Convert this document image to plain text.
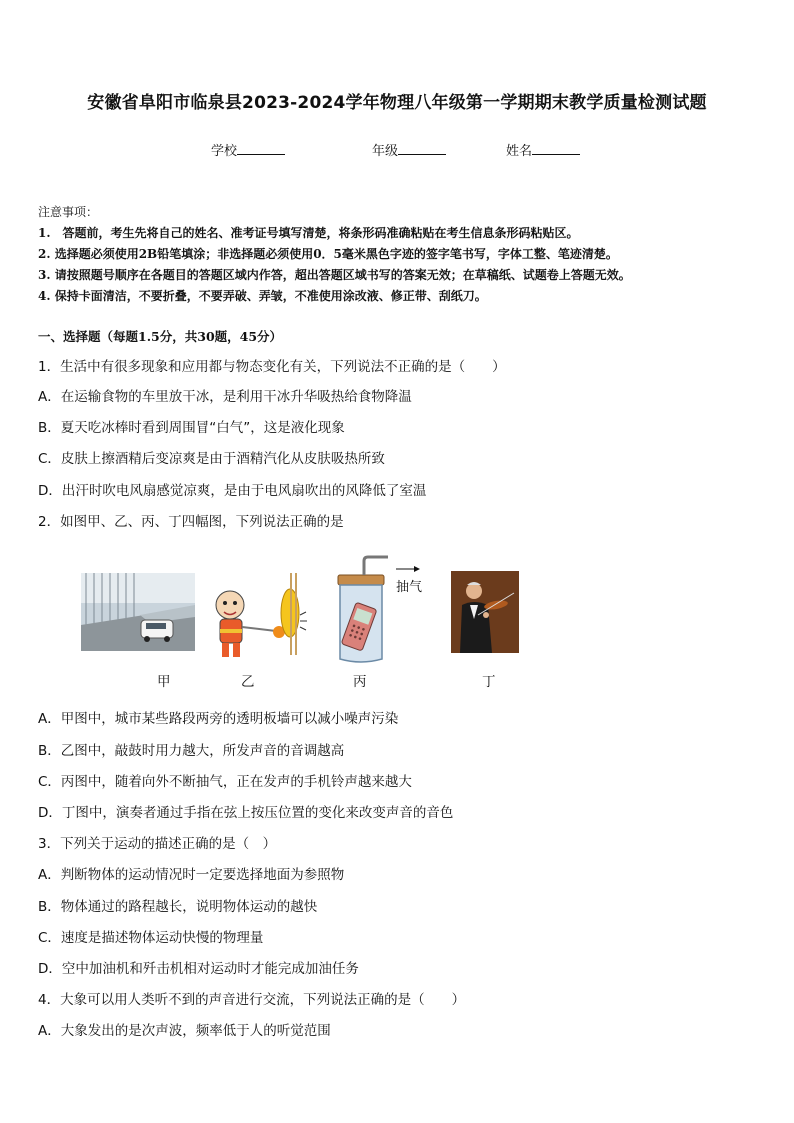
安徽省阜阳市临泉县2023-2024学年物理八年级第一学期期末教学质量检测试题
学校	年级	姓名
注意事项：
1.　答题前，考生先将自己的姓名、准考证号填写清楚，将条形码准确粘贴在考生信息条形码粘贴区。
2. 选择题必须使用2B铅笔填涂；非选择题必须使用0．5毫米黑色字迹的签字笔书写，字体工整、笔迹清楚。
3. 请按照题号顺序在各题目的答题区域内作答，超出答题区域书写的答案无效；在草稿纸、试题卷上答题无效。
4. 保持卡面清洁，不要折叠，不要弄破、弄皱，不准使用涂改液、修正带、刮纸刀。
一、选择题（每题1.5分，共30题，45分）
1．生活中有很多现象和应用都与物态变化有关，下列说法不正确的是（　　）
A．在运输食物的车里放干冰，是利用干冰升华吸热给食物降温
B．夏天吃冰棒时看到周围冒“白气”，这是液化现象
C．皮肤上擦酒精后变凉爽是由于酒精汽化从皮肤吸热所致
D．出汗时吹电风扇感觉凉爽，是由于电风扇吹出的风降低了室温
2．如图甲、乙、丙、丁四幅图，下列说法正确的是
抽气
甲	乙	丙	丁
A．甲图中，城市某些路段两旁的透明板墙可以减小噪声污染
B．乙图中，敲鼓时用力越大，所发声音的音调越高
C．丙图中，随着向外不断抽气，正在发声的手机铃声越来越大
D．丁图中，演奏者通过手指在弦上按压位置的变化来改变声音的音色
3．下列关于运动的描述正确的是（　）
A．判断物体的运动情况时一定要选择地面为参照物
B．物体通过的路程越长，说明物体运动的越快
C．速度是描述物体运动快慢的物理量
D．空中加油机和歼击机相对运动时才能完成加油任务
4．大象可以用人类听不到的声音进行交流，下列说法正确的是（　　）
A．大象发出的是次声波，频率低于人的听觉范围
